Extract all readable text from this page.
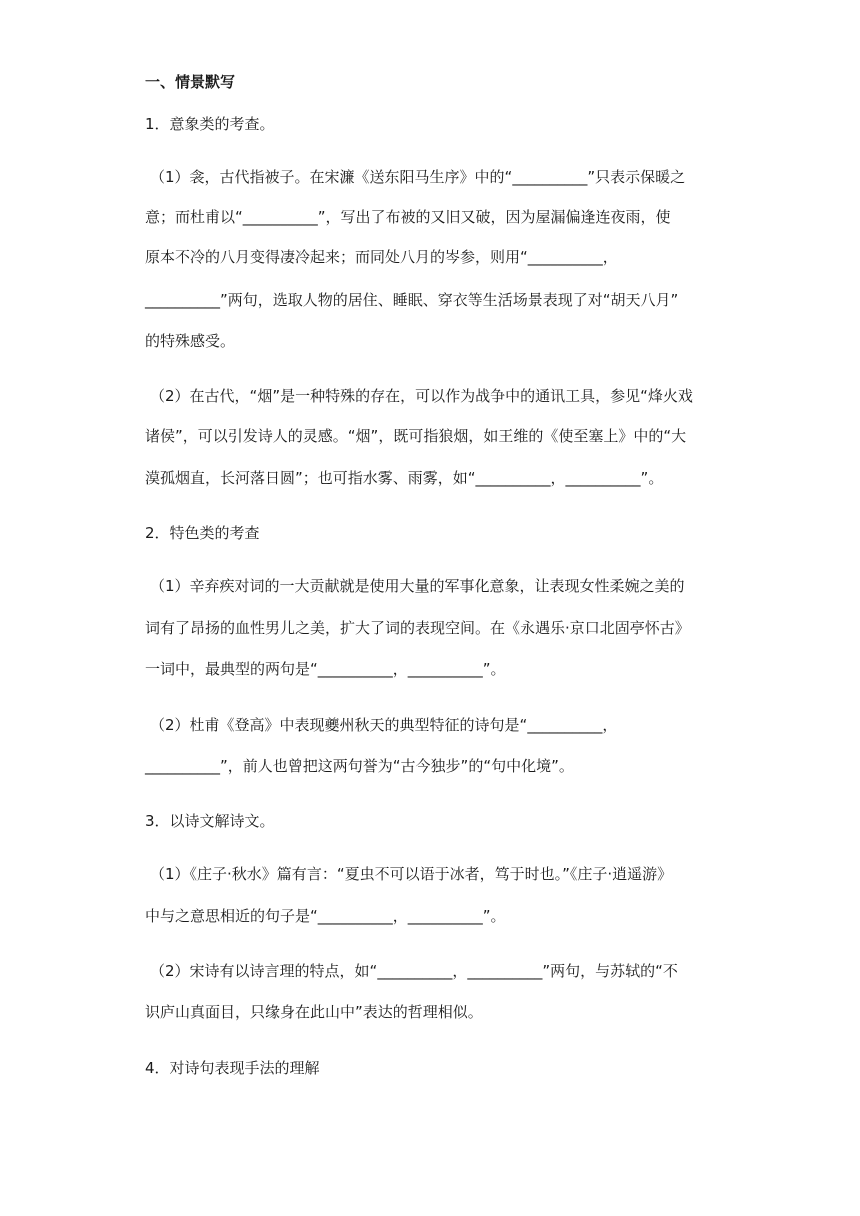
一、情景默写
1．意象类的考查。
（1）衾，古代指被子。在宋濂《送东阳马生序》中的“__________”只表示保暖之
意；而杜甫以“__________”，写出了布被的又旧又破，因为屋漏偏逢连夜雨，使
原本不冷的八月变得凄冷起来；而同处八月的岑参，则用“__________，
__________”两句，选取人物的居住、睡眠、穿衣等生活场景表现了对“胡天八月”
的特殊感受。
（2）在古代，“烟”是一种特殊的存在，可以作为战争中的通讯工具，参见“烽火戏
诸侯”，可以引发诗人的灵感。“烟”，既可指狼烟，如王维的《使至塞上》中的“大
漠孤烟直，长河落日圆”；也可指水雾、雨雾，如“__________，__________”。
2．特色类的考查
（1）辛弃疾对词的一大贡献就是使用大量的军事化意象，让表现女性柔婉之美的
词有了昂扬的血性男儿之美，扩大了词的表现空间。在《永遇乐·京口北固亭怀古》
一词中，最典型的两句是“__________，__________”。
（2）杜甫《登高》中表现夔州秋天的典型特征的诗句是“__________，
__________”，前人也曾把这两句誉为“古今独步”的“句中化境”。
3．以诗文解诗文。
（1）《庄子·秋水》篇有言：“夏虫不可以语于冰者，笃于时也。”《庄子·逍遥游》
中与之意思相近的句子是“__________，__________”。
（2）宋诗有以诗言理的特点，如“__________，__________”两句，与苏轼的“不
识庐山真面目，只缘身在此山中”表达的哲理相似。
4．对诗句表现手法的理解
